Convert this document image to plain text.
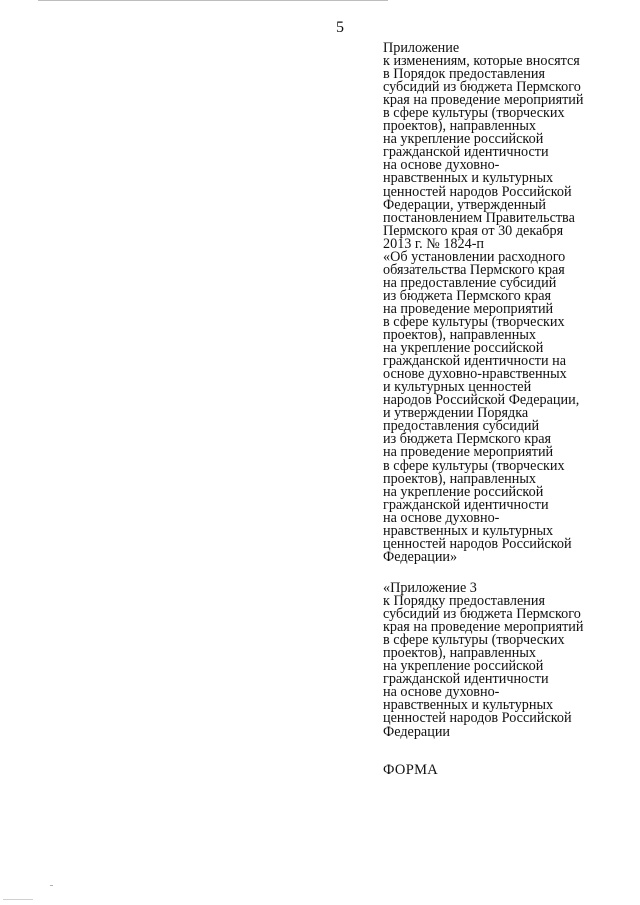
5
Приложение
к изменениям, которые вносятся
в Порядок предоставления
субсидий из бюджета Пермского
края на проведение мероприятий
в сфере культуры (творческих
проектов), направленных
на укрепление российской
гражданской идентичности
на основе духовно-
нравственных и культурных
ценностей народов Российской
Федерации, утвержденный
постановлением Правительства
Пермского края от 30 декабря
2013 г. № 1824-п
«Об установлении расходного
обязательства Пермского края
на предоставление субсидий
из бюджета Пермского края
на проведение мероприятий
в сфере культуры (творческих
проектов), направленных
на укрепление российской
гражданской идентичности на
основе духовно-нравственных
и культурных ценностей
народов Российской Федерации,
и утверждении Порядка
предоставления субсидий
из бюджета Пермского края
на проведение мероприятий
в сфере культуры (творческих
проектов), направленных
на укрепление российской
гражданской идентичности
на основе духовно-
нравственных и культурных
ценностей народов Российской
Федерации»
«Приложение 3
к Порядку предоставления
субсидий из бюджета Пермского
края на проведение мероприятий
в сфере культуры (творческих
проектов), направленных
на укрепление российской
гражданской идентичности
на основе духовно-
нравственных и культурных
ценностей народов Российской
Федерации
ФОРМА
